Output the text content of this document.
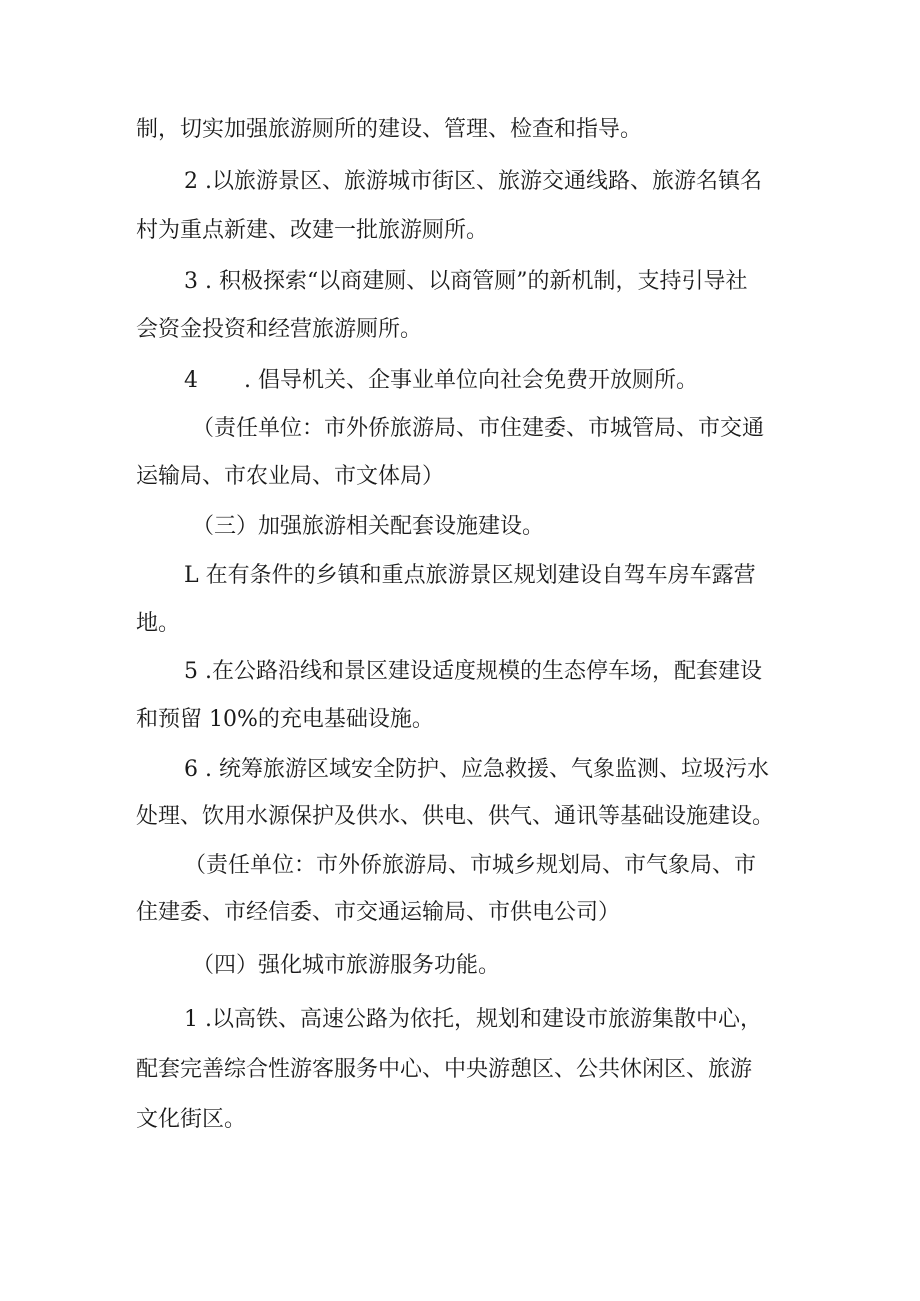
制，切实加强旅游厕所的建设、管理、检查和指导。

2 .以旅游景区、旅游城市街区、旅游交通线路、旅游名镇名

村为重点新建、改建一批旅游厕所。

3 . 积极探索“以商建厕、以商管厕”的新机制，支持引导社

会资金投资和经营旅游厕所。

4 . 倡导机关、企事业单位向社会免费开放厕所。

（责任单位：市外侨旅游局、市住建委、市城管局、市交通

运输局、市农业局、市文体局）

（三）加强旅游相关配套设施建设。

L 在有条件的乡镇和重点旅游景区规划建设自驾车房车露营

地。

5 .在公路沿线和景区建设适度规模的生态停车场，配套建设

和预留 10%的充电基础设施。

6 . 统筹旅游区域安全防护、应急救援、气象监测、垃圾污水

处理、饮用水源保护及供水、供电、供气、通讯等基础设施建设。

（责任单位：市外侨旅游局、市城乡规划局、市气象局、市

住建委、市经信委、市交通运输局、市供电公司）

（四）强化城市旅游服务功能。

1 .以高铁、高速公路为依托，规划和建设市旅游集散中心，

配套完善综合性游客服务中心、中央游憩区、公共休闲区、旅游

文化街区。
